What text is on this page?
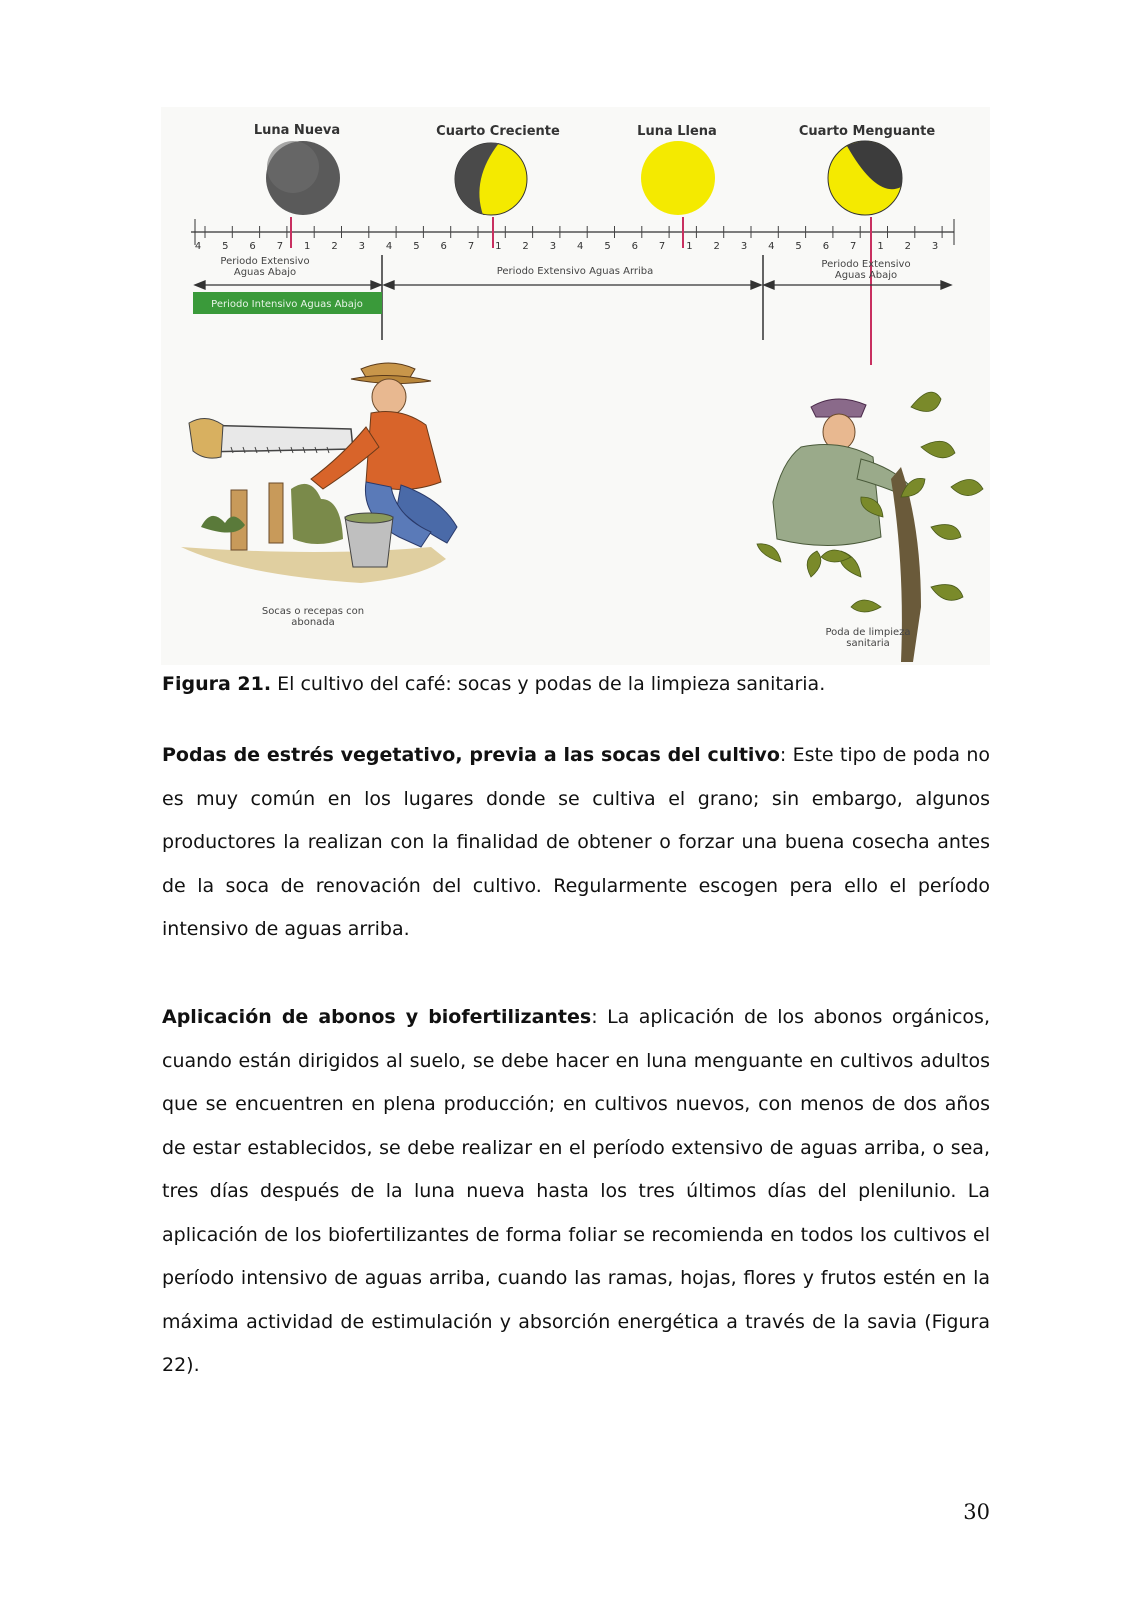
Luna Nueva	Cuarto Creciente	Luna Llena	Cuarto Menguante
4 5 6 7 1 2 3 4 5 6 7 1 2 3 4 5 6 7 1 2 3 4 5 6 7 1 2 3
Periodo Extensivo
Aguas Abajo	Periodo Extensivo Aguas Arriba
Periodo Extensivo
Aguas Abajo
Periodo Intensivo Aguas Abajo
Socas o recepas con
abonada
Poda de limpieza
sanitaria
Figura 21. El cultivo del café: socas y podas de la limpieza sanitaria.
Podas de estrés vegetativo, previa a las socas del cultivo: Este tipo de poda no es muy común en los lugares donde se cultiva el grano; sin embargo, algunos productores la realizan con la finalidad de obtener o forzar una buena cosecha antes de la soca de renovación del cultivo. Regularmente escogen pera ello el período intensivo de aguas arriba.
Aplicación de abonos y biofertilizantes: La aplicación de los abonos orgánicos, cuando están dirigidos al suelo, se debe hacer en luna menguante en cultivos adultos que se encuentren en plena producción; en cultivos nuevos, con menos de dos años de estar establecidos, se debe realizar en el período extensivo de aguas arriba, o sea, tres días después de la luna nueva hasta los tres últimos días del plenilunio. La aplicación de los biofertilizantes de forma foliar se recomienda en todos los cultivos el período intensivo de aguas arriba, cuando las ramas, hojas, flores y frutos estén en la máxima actividad de estimulación y absorción energética a través de la savia (Figura 22).
30
